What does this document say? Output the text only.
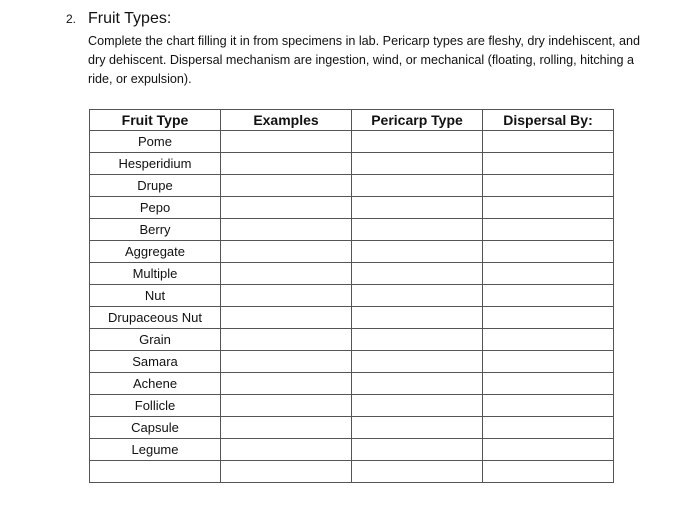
2. Fruit Types:
Complete the chart filling it in from specimens in lab. Pericarp types are fleshy, dry indehiscent, and dry dehiscent. Dispersal mechanism are ingestion, wind, or mechanical (floating, rolling, hitching a ride, or expulsion).
Fruit Type	Examples	Pericarp Type	Dispersal By:
Pome			
Hesperidium			
Drupe			
Pepo			
Berry			
Aggregate			
Multiple			
Nut			
Drupaceous Nut			
Grain			
Samara			
Achene			
Follicle			
Capsule			
Legume			
